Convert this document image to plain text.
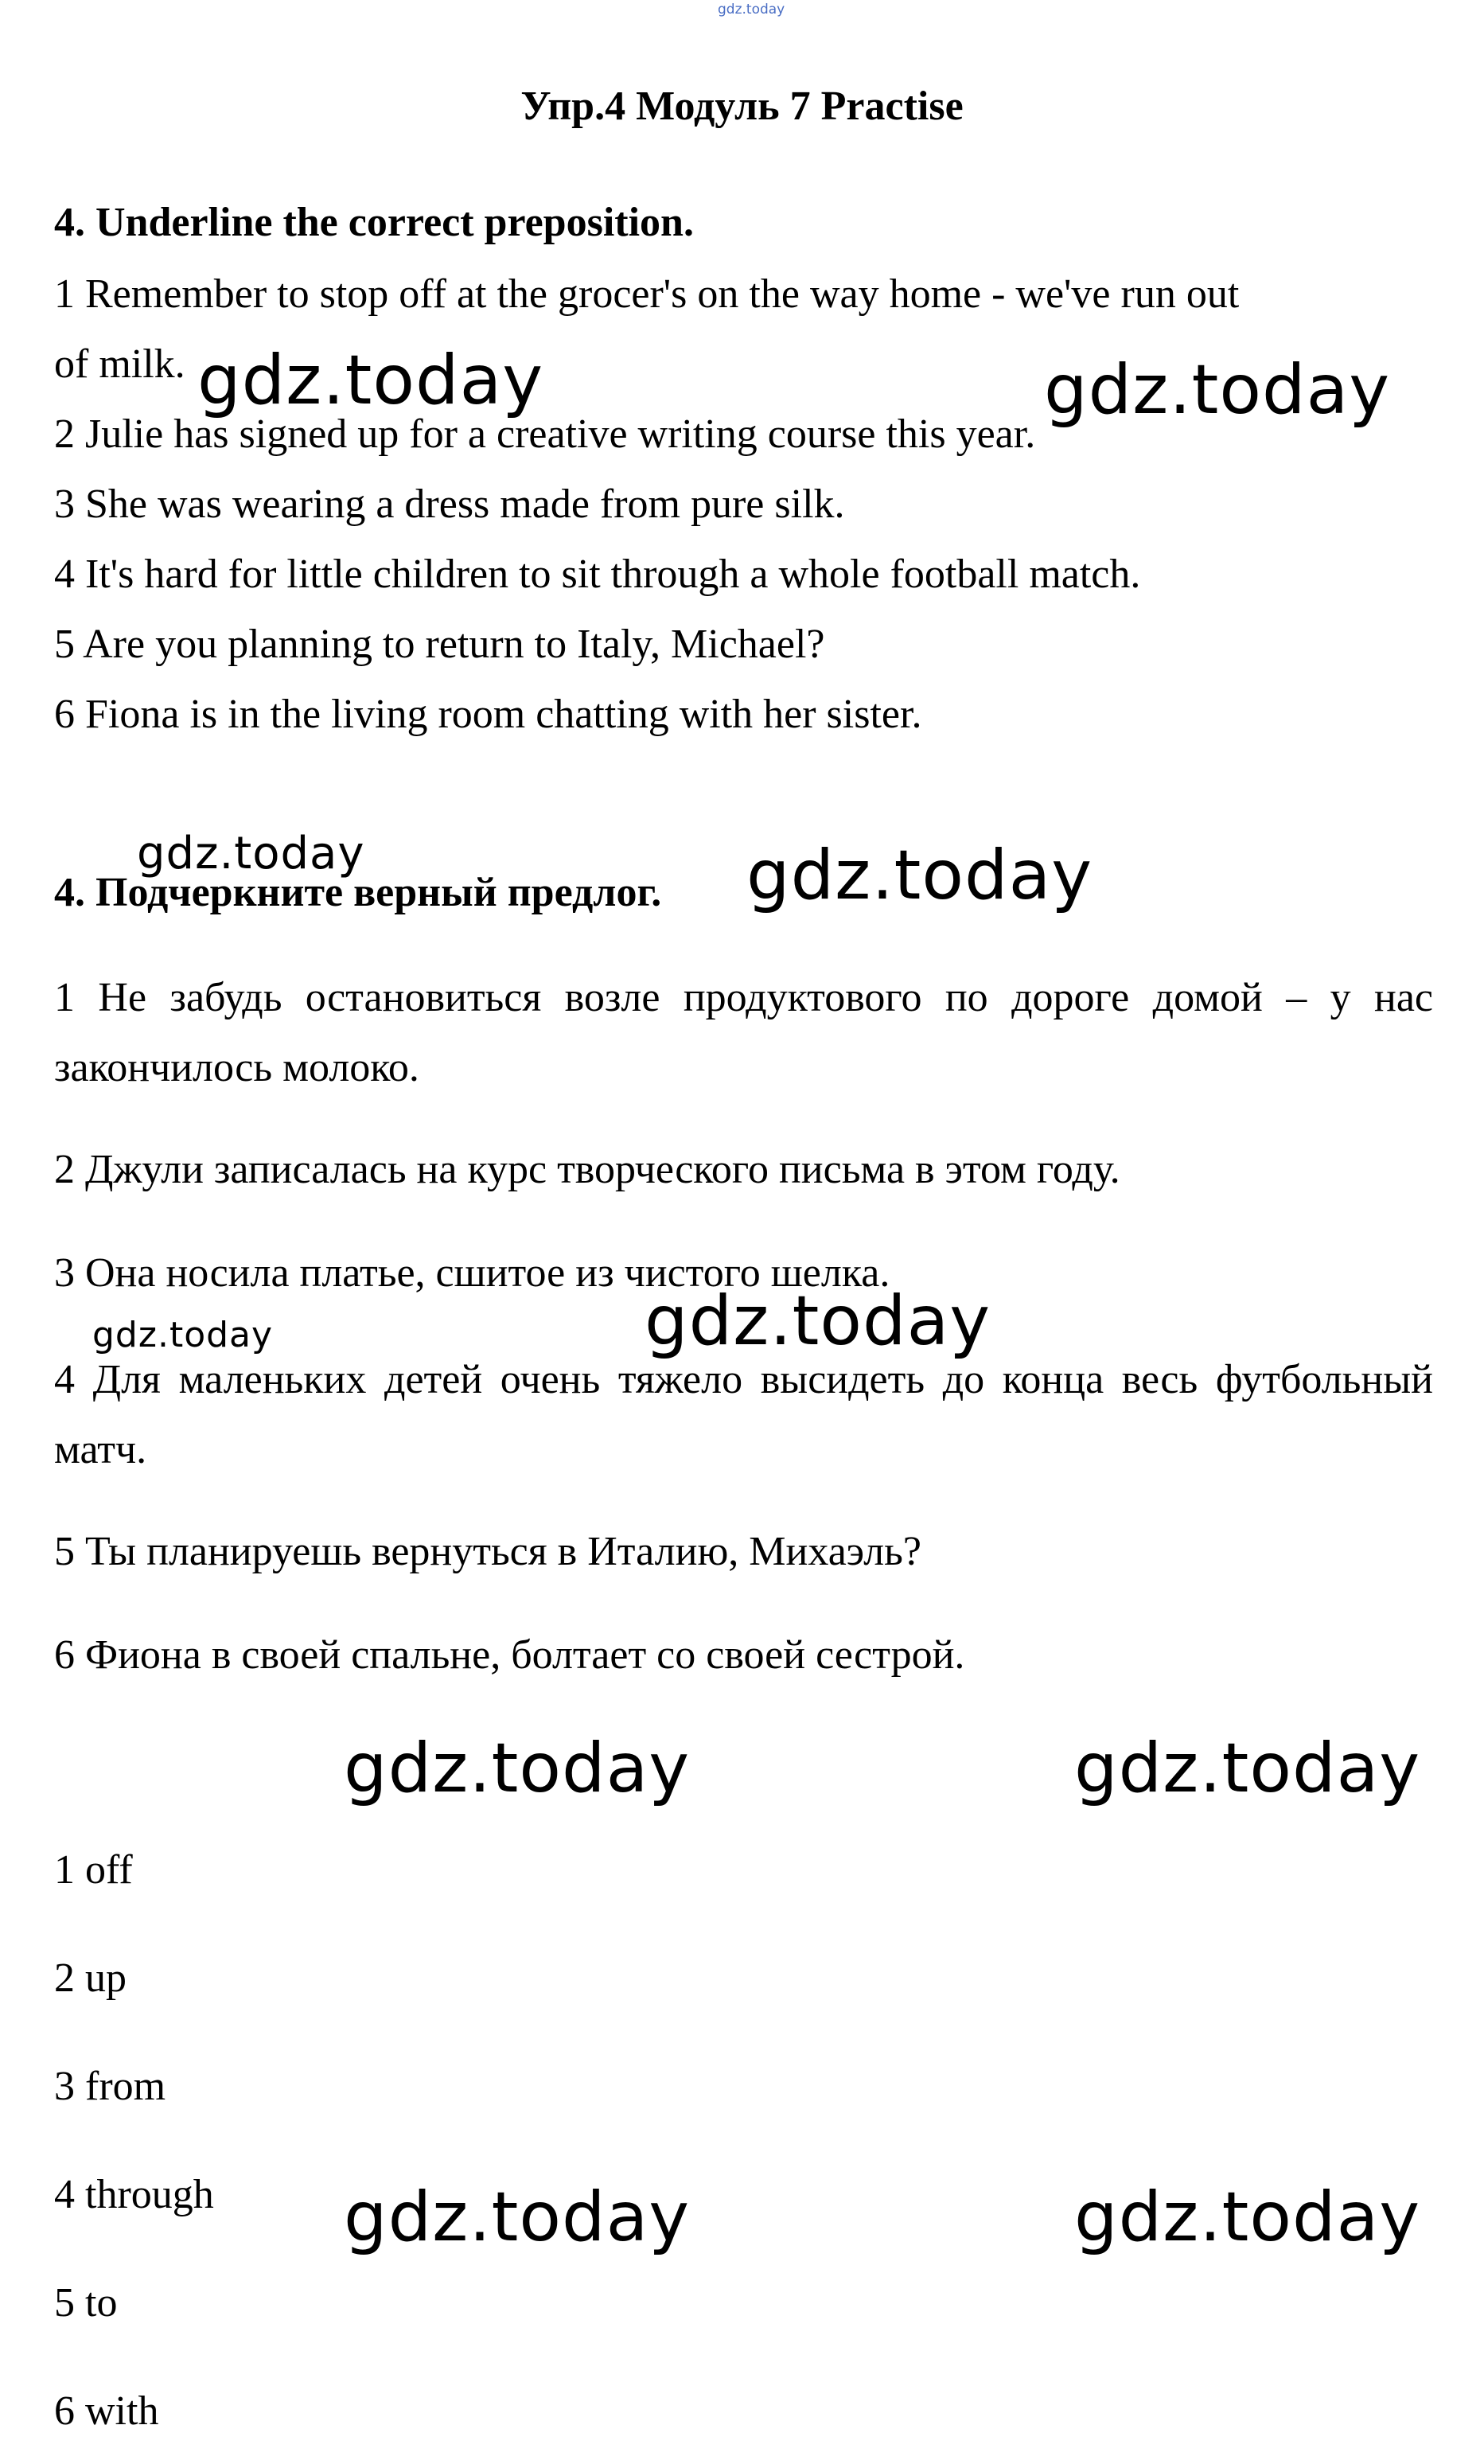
gdz.today
Упр.4 Модуль 7 Practise
4. Underline the correct preposition.
1 Remember to stop off at the grocer's on the way home - we've run out
of milk.
2 Julie has signed up for a creative writing course this year.
3 She was wearing a dress made from pure silk.
4 It's hard for little children to sit through a whole football match.
5 Are you planning to return to Italy, Michael?
6 Fiona is in the living room chatting with her sister.
4. Подчеркните верный предлог.
1 Не забудь остановиться возле продуктового по дороге домой – у нас закончилось молоко.
2 Джули записалась на курс творческого письма в этом году.
3 Она носила платье, сшитое из чистого шелка.
4 Для маленьких детей очень тяжело высидеть до конца весь футбольный матч.
5 Ты планируешь вернуться в Италию, Михаэль?
6 Фиона в своей спальне, болтает со своей сестрой.
1 off
2 up
3 from
4 through
5 to
6 with
gdz.today	gdz.today
gdz.today	gdz.today
gdz.today	gdz.today
gdz.today	gdz.today
gdz.today	gdz.today
